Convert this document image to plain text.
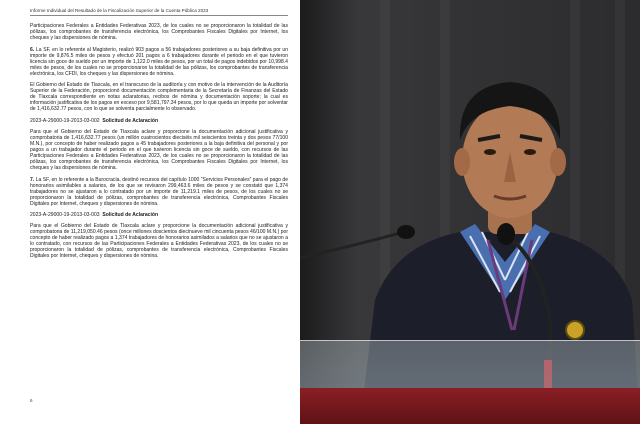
Informe Individual del Resultado de la Fiscalización Superior de la Cuenta Pública 2023

Participaciones Federales a Entidades Federativas 2023, de los cuales no se proporcionaron la totalidad de las pólizas, los comprobantes de transferencia electrónica, los Comprobantes Fiscales Digitales por Internet, los cheques y las dispersiones de nómina.

6. La SF, en lo referente al Magisterio, realizó 903 pagos a 56 trabajadores posteriores a su baja definitiva por un importe de 9,876.5 miles de pesos y efectuó 201 pagos a 6 trabajadores durante el periodo en el que tuvieron licencia sin goce de sueldo por un importe de 1,122.0 miles de pesos, por un total de pagos indebidos por 10,998.4 miles de pesos, de los cuales no se proporcionaron la totalidad de las pólizas, los comprobantes de transferencia electrónica, los CFDI, los cheques y las dispersiones de nómina.

El Gobierno del Estado de Tlaxcala, en el transcurso de la auditoría y con motivo de la intervención de la Auditoría Superior de la Federación, proporcionó documentación complementaria de la Secretaría de Finanzas del Estado de Tlaxcala correspondiente en notas aclaratorias, recibos de nómina y documentación soporte; la cual es información justificativa de los pagos en exceso por 9,581,797.34 pesos, por lo que queda un importe por solventar de 1,416,632.77 pesos, con lo que se solventa parcialmente lo observado.

2023-A-29000-19-2013-03-002 Solicitud de Aclaración

Para que el Gobierno del Estado de Tlaxcala aclare y proporcione la documentación adicional justificativa y comprobatoria de 1,416,632.77 pesos (un millón cuatrocientos dieciséis mil seiscientos treinta y dos pesos 77/100 M.N.), por concepto de haber realizado pagos a 45 trabajadores posteriores a la baja definitiva del personal y por pagos a un trabajador durante el periodo en el que tuvieron licencia sin goce de sueldo, con recursos de las Participaciones Federales a Entidades Federativas 2023, de los cuales no se proporcionaron la totalidad de las pólizas, los comprobantes de transferencia electrónica, los Comprobantes Fiscales Digitales por Internet, los cheques y las dispersiones de nómina.

7. La SF, en lo referente a la Burocracia, destinó recursos del capítulo 1000 “Servicios Personales” para el pago de honorarios asimilables a salarios, de los que se revisaron 299,463.6 miles de pesos y se constató que 1,374 trabajadores no se ajustaron a lo contratado por un importe de 11,219.1 miles de pesos, de los cuales no se proporcionaron la totalidad de pólizas, comprobantes de transferencia electrónica, Comprobantes Fiscales Digitales por Internet, cheques y dispersiones de nómina.

2023-A-29000-19-2013-03-003 Solicitud de Aclaración

Para que el Gobierno del Estado de Tlaxcala aclare y proporcione la documentación adicional justificativa y comprobatoria de 11,219,050.46 pesos (once millones doscientos diecinueve mil cincuenta pesos 46/100 M.N.) por concepto de haber realizado pagos a 1,374 trabajadores de honorarios asimilados a salarios que no se ajustaron a lo contratado, con recursos de las Participaciones Federales a Entidades Federativas 2023, de los cuales no se proporcionaron la totalidad de pólizas, comprobantes de transferencia electrónica, Comprobantes Fiscales Digitales por Internet, cheques y dispersiones de nómina.

6
